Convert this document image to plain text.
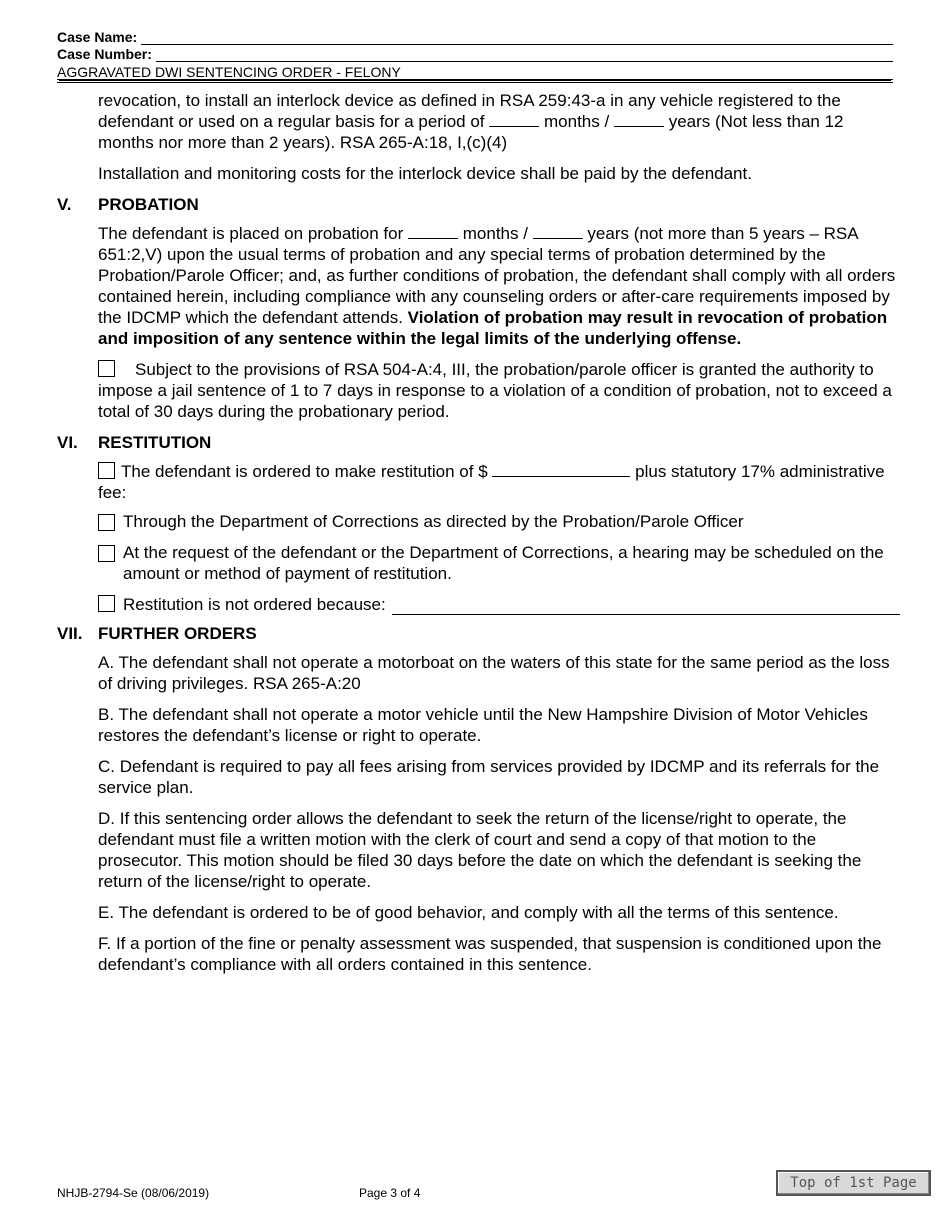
Case Name:
Case Number:
AGGRAVATED DWI SENTENCING ORDER - FELONY
revocation, to install an interlock device as defined in RSA 259:43-a in any vehicle registered to the defendant or used on a regular basis for a period of	months /	years (Not less than 12 months nor more than 2 years). RSA 265-A:18, I,(c)(4)
Installation and monitoring costs for the interlock device shall be paid by the defendant.
V.	PROBATION
The defendant is placed on probation for	months /	years (not more than 5 years – RSA 651:2,V) upon the usual terms of probation and any special terms of probation determined by the Probation/Parole Officer; and, as further conditions of probation, the defendant shall comply with all orders contained herein, including compliance with any counseling orders or after-care requirements imposed by the IDCMP which the defendant attends. Violation of probation may result in revocation of probation and imposition of any sentence within the legal limits of the underlying offense.
Subject to the provisions of RSA 504-A:4, III, the probation/parole officer is granted the authority to impose a jail sentence of 1 to 7 days in response to a violation of a condition of probation, not to exceed a total of 30 days during the probationary period.
VI.	RESTITUTION
The defendant is ordered to make restitution of $	plus statutory 17% administrative fee:
Through the Department of Corrections as directed by the Probation/Parole Officer
At the request of the defendant or the Department of Corrections, a hearing may be scheduled on the amount or method of payment of restitution.
Restitution is not ordered because:
VII. FURTHER ORDERS
A. The defendant shall not operate a motorboat on the waters of this state for the same period as the loss of driving privileges. RSA 265-A:20
B. The defendant shall not operate a motor vehicle until the New Hampshire Division of Motor Vehicles restores the defendant’s license or right to operate.
C. Defendant is required to pay all fees arising from services provided by IDCMP and its referrals for the service plan.
D. If this sentencing order allows the defendant to seek the return of the license/right to operate, the defendant must file a written motion with the clerk of court and send a copy of that motion to the prosecutor. This motion should be filed 30 days before the date on which the defendant is seeking the return of the license/right to operate.
E. The defendant is ordered to be of good behavior, and comply with all the terms of this sentence.
F. If a portion of the fine or penalty assessment was suspended, that suspension is conditioned upon the defendant’s compliance with all orders contained in this sentence.
NHJB-2794-Se (08/06/2019)	Page 3 of 4
Top of 1st Page
